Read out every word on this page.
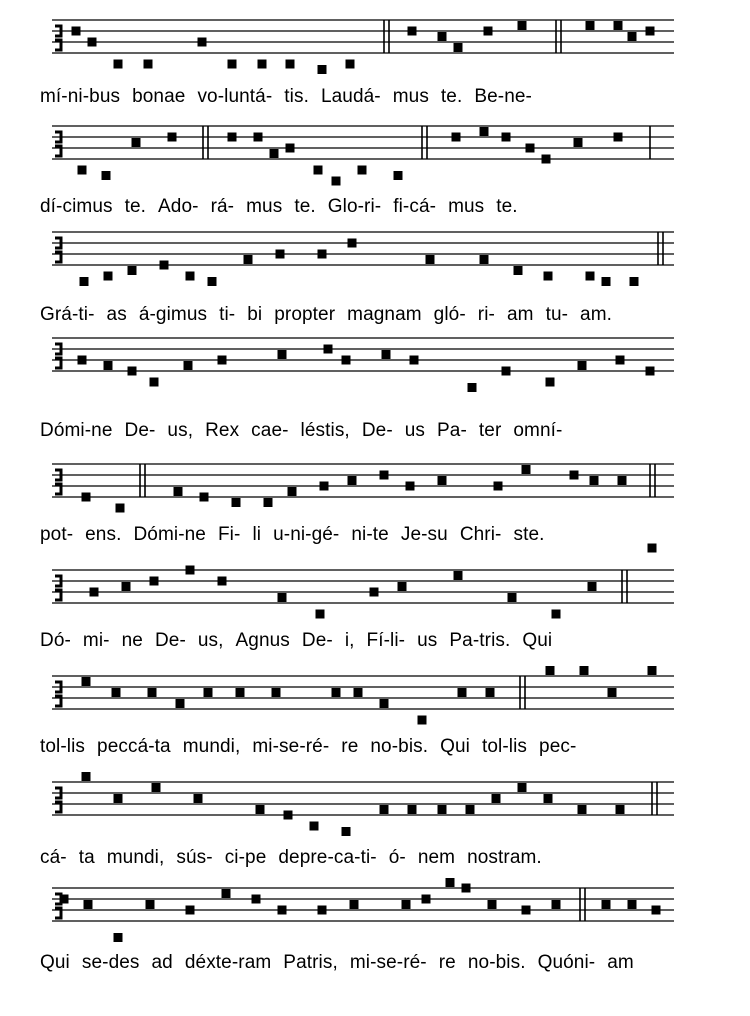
mí-ni-bus bonae vo-luntá- tis. Laudá- mus te. Be-ne-
dí-cimus te. Ado- rá- mus te. Glo-ri- fi-cá- mus te.
Grá-ti- as á-gimus ti- bi propter magnam gló- ri- am tu- am.
Dómi-ne De- us, Rex cae- léstis, De- us Pa- ter omní-
pot- ens. Dómi-ne Fi- li u-ni-gé- ni-te Je-su Chri- ste.
Dó- mi- ne De- us, Agnus De- i, Fí-li- us Pa-tris. Qui
tol-lis peccá-ta mundi, mi-se-ré- re no-bis. Qui tol-lis pec-
cá- ta mundi, sús- ci-pe depre-ca-ti- ó- nem nostram.
Qui se-des ad déxte-ram Patris, mi-se-ré- re no-bis. Quóni- am
